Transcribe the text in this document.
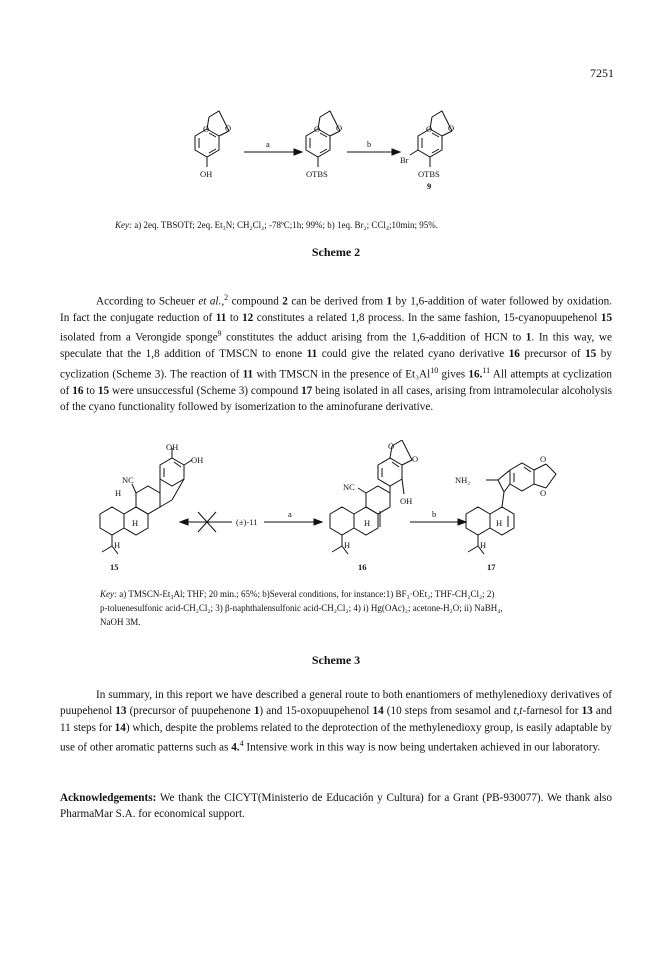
7251
O O
OH
a
O O
OTBS
b
O O
Br
OTBS
9
Key: a) 2eq. TBSOTf; 2eq. Et₃N; CH₂Cl₂; -78ºC;1h; 99%; b) 1eq. Br₂; CCl₄;10min; 95%.
Scheme 2

According to Scheuer et al.,$^2$ compound 2 can be derived from 1 by 1,6-addition of water followed by oxidation. In fact the conjugate reduction of 11 to 12 constitutes a related 1,8 process. In the same fashion, 15-cyanopuupehenol 15 isolated from a Verongide sponge$^9$ constitutes the adduct arising from the 1,6-addition of HCN to 1. In this way, we speculate that the 1,8 addition of TMSCN to enone 11 could give the related cyano derivative 16 precursor of 15 by cyclization (Scheme 3). The reaction of 11 with TMSCN in the presence of Et₃Al$^{10}$ gives 16.11 All attempts at cyclization of 16 to 15 were unsuccessful (Scheme 3) compound 17 being isolated in all cases, arising from intramolecular alcoholysis of the cyano functionality followed by isomerization to the aminofurane derivative.

OH
OH
NC
H
H
H
15
(±)-11
a
O
O
NC
OH
H
H
16
b
NH₂
O
O
H
H
17
Key: a) TMSCN-Et₃Al; THF; 20 min.; 65%; b)Several conditions, for instance:1) BF₃·OEt₂; THF-CH₂Cl₂; 2)
p-toluenesulfonic acid-CH₂Cl₂; 3) β-naphthalensulfonic acid-CH₂Cl₂; 4) i) Hg(OAc)₂; acetone-H₂O; ii) NaBH₄,
NaOH 3M.
Scheme 3

In summary, in this report we have described a general route to both enantiomers of methylenedioxy derivatives of puupehenol 13 (precursor of puupehenone 1) and 15-oxopuupehenol 14 (10 steps from sesamol and t,t-farnesol for 13 and 11 steps for 14) which, despite the problems related to the deprotection of the methylenedioxy group, is easily adaptable by use of other aromatic patterns such as 4.$^4$ Intensive work in this way is now being undertaken achieved in our laboratory.

Acknowledgements: We thank the CICYT(Ministerio de Educación y Cultura) for a Grant (PB-930077). We thank also PharmaMar S.A. for economical support.
